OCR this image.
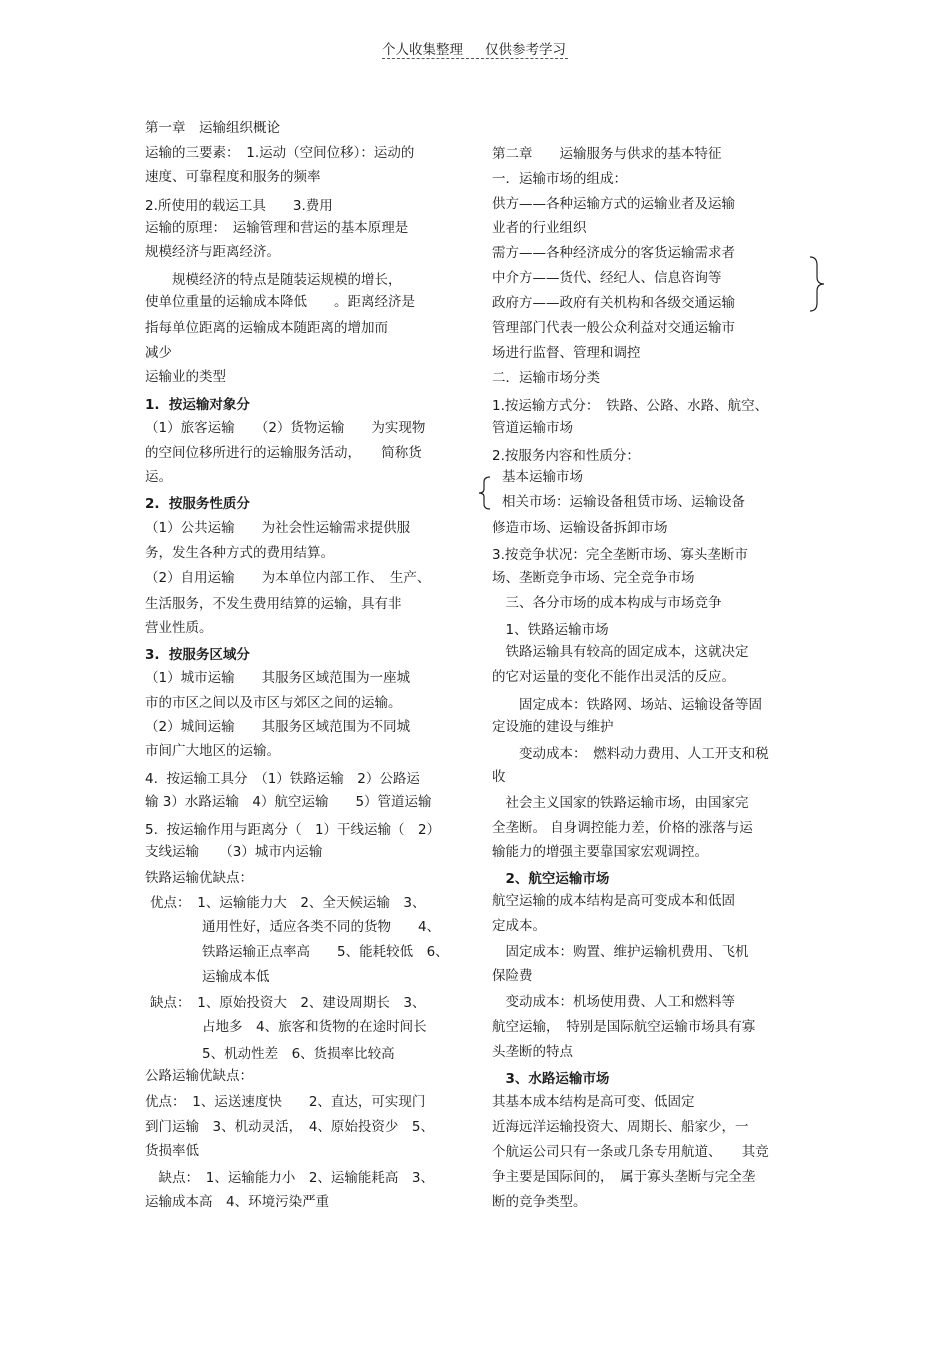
个人收集整理 仅供参考学习
第一章　运输组织概论
运输的三要素：　1.运动（空间位移）：运动的
速度、可靠程度和服务的频率
2.所使用的载运工具　　3.费用
运输的原理：　运输管理和营运的基本原理是
规模经济与距离经济。
　　规模经济的特点是随装运规模的增长，
使单位重量的运输成本降低　　。距离经济是
指每单位距离的运输成本随距离的增加而
减少
运输业的类型
1.  按运输对象分
（1）旅客运输　　（2）货物运输　　为实现物
的空间位移所进行的运输服务活动，　　简称货
运。
2.  按服务性质分
（1）公共运输　　为社会性运输需求提供服
务，发生各种方式的费用结算。
（2）自用运输　　为本单位内部工作、　生产、
生活服务，不发生费用结算的运输，具有非
营业性质。
3.  按服务区域分
（1）城市运输　　其服务区域范围为一座城
市的市区之间以及市区与郊区之间的运输。
（2）城间运输　　其服务区域范围为不同城
市间广大地区的运输。
4.  按运输工具分　（1）铁路运输　2）公路运
输 3）水路运输　4）航空运输　　5）管道运输
5.  按运输作用与距离分（　1）干线运输（　2）
支线运输　　（3）城市内运输
铁路运输优缺点：
优点：　1、运输能力大　2、全天候运输　3、
通用性好，适应各类不同的货物　　4、
铁路运输正点率高　　5、能耗较低　6、
运输成本低
缺点：　1、原始投资大　2、建设周期长　3、
占地多　4、旅客和货物的在途时间长
5、机动性差　6、货损率比较高
公路运输优缺点：
优点：　1、运送速度快　　2、直达，可实现门
到门运输　3、机动灵活，　4、原始投资少　5、
货损率低
　缺点：　1、运输能力小　2、运输能耗高　3、
运输成本高　4、环境污染严重
第二章　　运输服务与供求的基本特征
一．运输市场的组成：
供方——各种运输方式的运输业者及运输
业者的行业组织
需方——各种经济成分的客货运输需求者
中介方——货代、经纪人、信息咨询等
政府方——政府有关机构和各级交通运输
管理部门代表一般公众利益对交通运输市
场进行监督、管理和调控
二．运输市场分类
1.按运输方式分：　铁路、公路、水路、航空、
管道运输市场
2.按服务内容和性质分：
基本运输市场
相关市场：运输设备租赁市场、运输设备
修造市场、运输设备拆卸市场
3.按竞争状况：完全垄断市场、寡头垄断市
场、垄断竞争市场、完全竞争市场
　三、各分市场的成本构成与市场竞争
　1、铁路运输市场
　铁路运输具有较高的固定成本，这就决定
的它对运量的变化不能作出灵活的反应。
　　固定成本：铁路网、场站、运输设备等固
定设施的建设与维护
　　变动成本：　燃料动力费用、人工开支和税
收
　社会主义国家的铁路运输市场，由国家完
全垄断。 自身调控能力差，价格的涨落与运
输能力的增强主要靠国家宏观调控。
　2、航空运输市场
航空运输的成本结构是高可变成本和低固
定成本。
　固定成本：购置、维护运输机费用、飞机
保险费
　变动成本：机场使用费、人工和燃料等
航空运输，　特别是国际航空运输市场具有寡
头垄断的特点
　3、水路运输市场
其基本成本结构是高可变、低固定
近海远洋运输投资大、周期长、船家少，一
个航运公司只有一条或几条专用航道、　　其竞
争主要是国际间的，　属于寡头垄断与完全垄
断的竞争类型。
